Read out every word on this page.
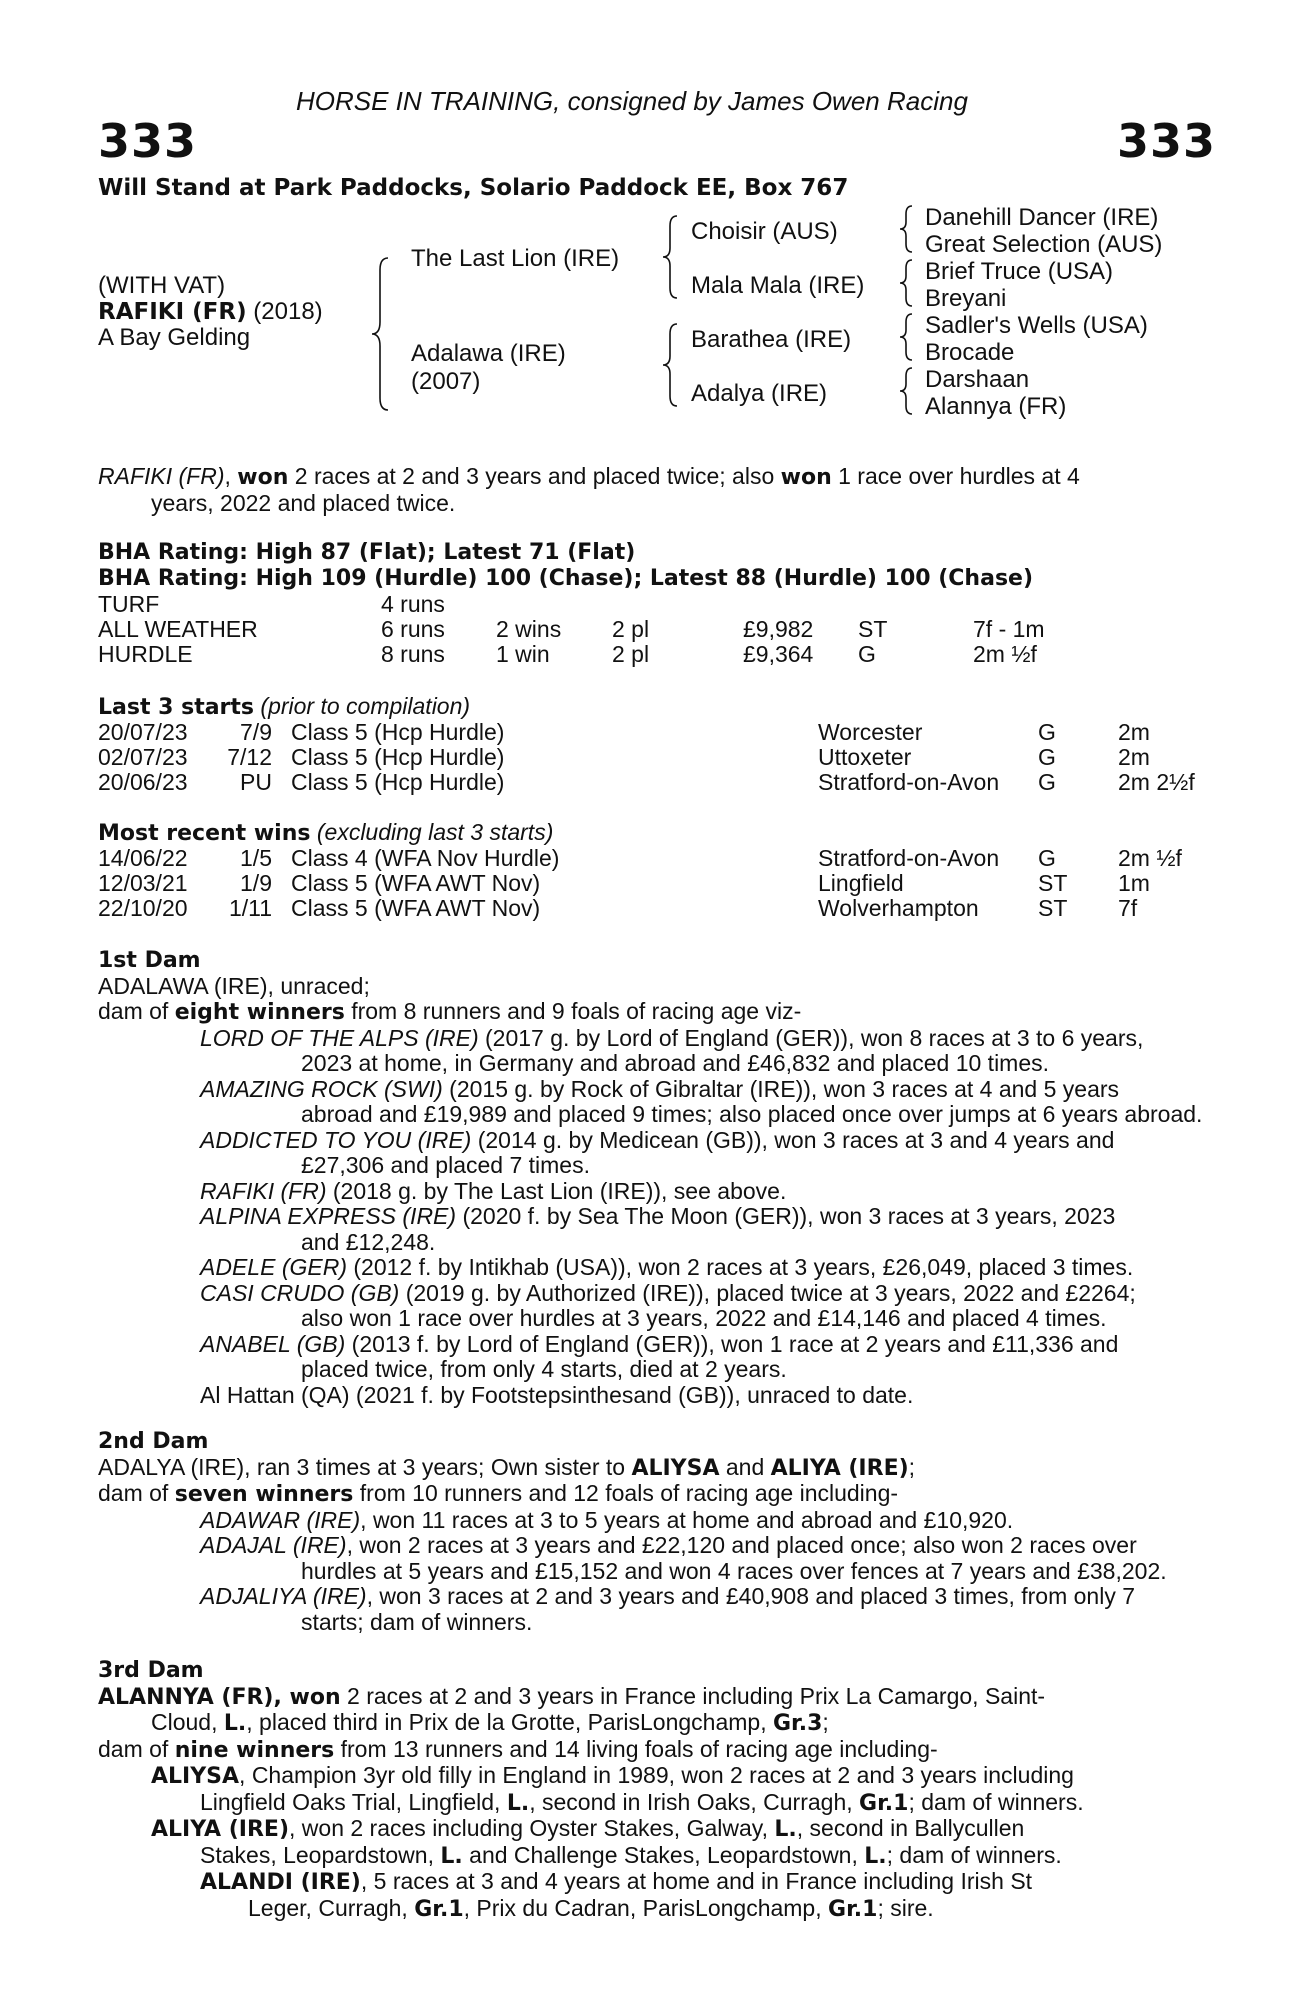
HORSE IN TRAINING, consigned by James Owen Racing
333	333
Will Stand at Park Paddocks, Solario Paddock EE, Box 767
(WITH VAT)
RAFIKI (FR) (2018)
A Bay Gelding
The Last Lion (IRE)
Adalawa (IRE)
(2007)
Choisir (AUS)
Mala Mala (IRE)
Barathea (IRE)
Adalya (IRE)
Danehill Dancer (IRE)
Great Selection (AUS)
Brief Truce (USA)
Breyani
Sadler's Wells (USA)
Brocade
Darshaan
Alannya (FR)
RAFIKI (FR), won 2 races at 2 and 3 years and placed twice; also won 1 race over hurdles at 4
years, 2022 and placed twice.
BHA Rating: High 87 (Flat); Latest 71 (Flat)
BHA Rating: High 109 (Hurdle) 100 (Chase); Latest 88 (Hurdle) 100 (Chase)
TURF	4 runs
ALL WEATHER	6 runs 2 wins 2 pl	£9,982 ST	7f - 1m
HURDLE	8 runs 1 win	2 pl	£9,364 G	2m ½f
Last 3 starts (prior to compilation)
20/07/23	7/9 Class 5 (Hcp Hurdle)	Worcester	G	2m
02/07/23	7/12 Class 5 (Hcp Hurdle)	Uttoxeter	G	2m
20/06/23	PU Class 5 (Hcp Hurdle)	Stratford-on-Avon G	2m 2½f
Most recent wins (excluding last 3 starts)
14/06/22	1/5 Class 4 (WFA Nov Hurdle)	Stratford-on-Avon G	2m ½f
12/03/21	1/9 Class 5 (WFA AWT Nov)	Lingfield	ST 1m
22/10/20	1/11 Class 5 (WFA AWT Nov)	Wolverhampton	ST 7f
1st Dam
ADALAWA (IRE), unraced;
dam of eight winners from 8 runners and 9 foals of racing age viz-
LORD OF THE ALPS (IRE) (2017 g. by Lord of England (GER)), won 8 races at 3 to 6 years,
2023 at home, in Germany and abroad and £46,832 and placed 10 times.
AMAZING ROCK (SWI) (2015 g. by Rock of Gibraltar (IRE)), won 3 races at 4 and 5 years
abroad and £19,989 and placed 9 times; also placed once over jumps at 6 years abroad.
ADDICTED TO YOU (IRE) (2014 g. by Medicean (GB)), won 3 races at 3 and 4 years and
£27,306 and placed 7 times.
RAFIKI (FR) (2018 g. by The Last Lion (IRE)), see above.
ALPINA EXPRESS (IRE) (2020 f. by Sea The Moon (GER)), won 3 races at 3 years, 2023
and £12,248.
ADELE (GER) (2012 f. by Intikhab (USA)), won 2 races at 3 years, £26,049, placed 3 times.
CASI CRUDO (GB) (2019 g. by Authorized (IRE)), placed twice at 3 years, 2022 and £2264;
also won 1 race over hurdles at 3 years, 2022 and £14,146 and placed 4 times.
ANABEL (GB) (2013 f. by Lord of England (GER)), won 1 race at 2 years and £11,336 and
placed twice, from only 4 starts, died at 2 years.
Al Hattan (QA) (2021 f. by Footstepsinthesand (GB)), unraced to date.
2nd Dam
ADALYA (IRE), ran 3 times at 3 years; Own sister to ALIYSA and ALIYA (IRE);
dam of seven winners from 10 runners and 12 foals of racing age including-
ADAWAR (IRE), won 11 races at 3 to 5 years at home and abroad and £10,920.
ADAJAL (IRE), won 2 races at 3 years and £22,120 and placed once; also won 2 races over
hurdles at 5 years and £15,152 and won 4 races over fences at 7 years and £38,202.
ADJALIYA (IRE), won 3 races at 2 and 3 years and £40,908 and placed 3 times, from only 7
starts; dam of winners.
3rd Dam
ALANNYA (FR), won 2 races at 2 and 3 years in France including Prix La Camargo, Saint-
Cloud, L., placed third in Prix de la Grotte, ParisLongchamp, Gr.3;
dam of nine winners from 13 runners and 14 living foals of racing age including-
ALIYSA, Champion 3yr old filly in England in 1989, won 2 races at 2 and 3 years including
Lingfield Oaks Trial, Lingfield, L., second in Irish Oaks, Curragh, Gr.1; dam of winners.
ALIYA (IRE), won 2 races including Oyster Stakes, Galway, L., second in Ballycullen
Stakes, Leopardstown, L. and Challenge Stakes, Leopardstown, L.; dam of winners.
ALANDI (IRE), 5 races at 3 and 4 years at home and in France including Irish St
Leger, Curragh, Gr.1, Prix du Cadran, ParisLongchamp, Gr.1; sire.
